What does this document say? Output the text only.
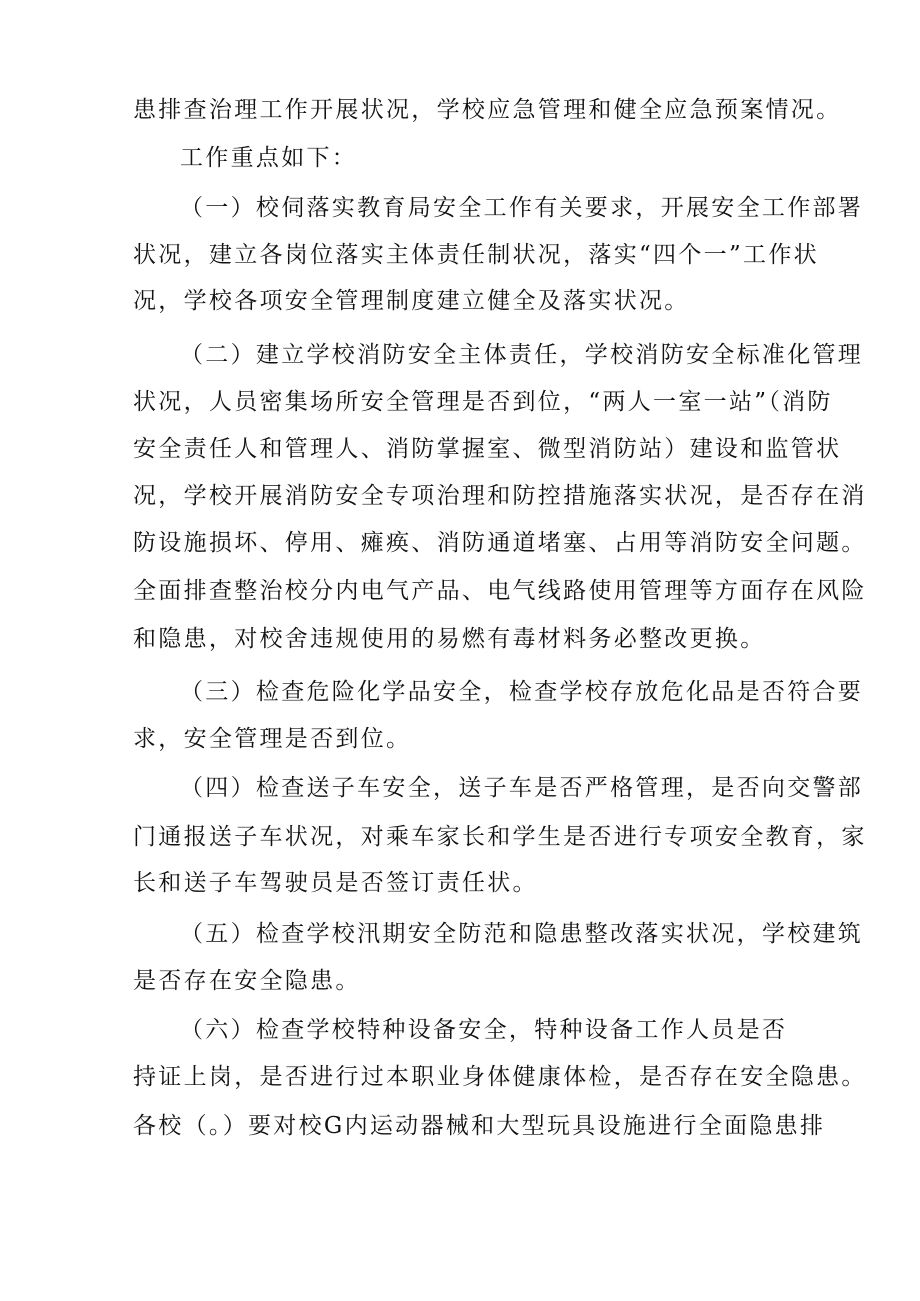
患排查治理工作开展状况，学校应急管理和健全应急预案情况。
工作重点如下：
（一）校伺落实教育局安全工作有关要求，开展安全工作部署
状况，建立各岗位落实主体责任制状况，落实“四个一”工作状
况，学校各项安全管理制度建立健全及落实状况。
（二）建立学校消防安全主体责任，学校消防安全标准化管理
状况，人员密集场所安全管理是否到位，“两人一室一站”（消防
安全责任人和管理人、消防掌握室、微型消防站）建设和监管状
况，学校开展消防安全专项治理和防控措施落实状况，是否存在消
防设施损坏、停用、瘫痪、消防通道堵塞、占用等消防安全问题。
全面排查整治校分内电气产品、电气线路使用管理等方面存在风险
和隐患，对校舍违规使用的易燃有毒材料务必整改更换。
（三）检查危险化学品安全，检查学校存放危化品是否符合要
求，安全管理是否到位。
（四）检查送子车安全，送子车是否严格管理，是否向交警部
门通报送子车状况，对乘车家长和学生是否进行专项安全教育，家
长和送子车驾驶员是否签订责任状。
（五）检查学校汛期安全防范和隐患整改落实状况，学校建筑
是否存在安全隐患。
（六）检查学校特种设备安全，特种设备工作人员是否
持证上岗，是否进行过本职业身体健康体检，是否存在安全隐患。
各校（。）要对校G内运动器械和大型玩具设施进行全面隐患排
